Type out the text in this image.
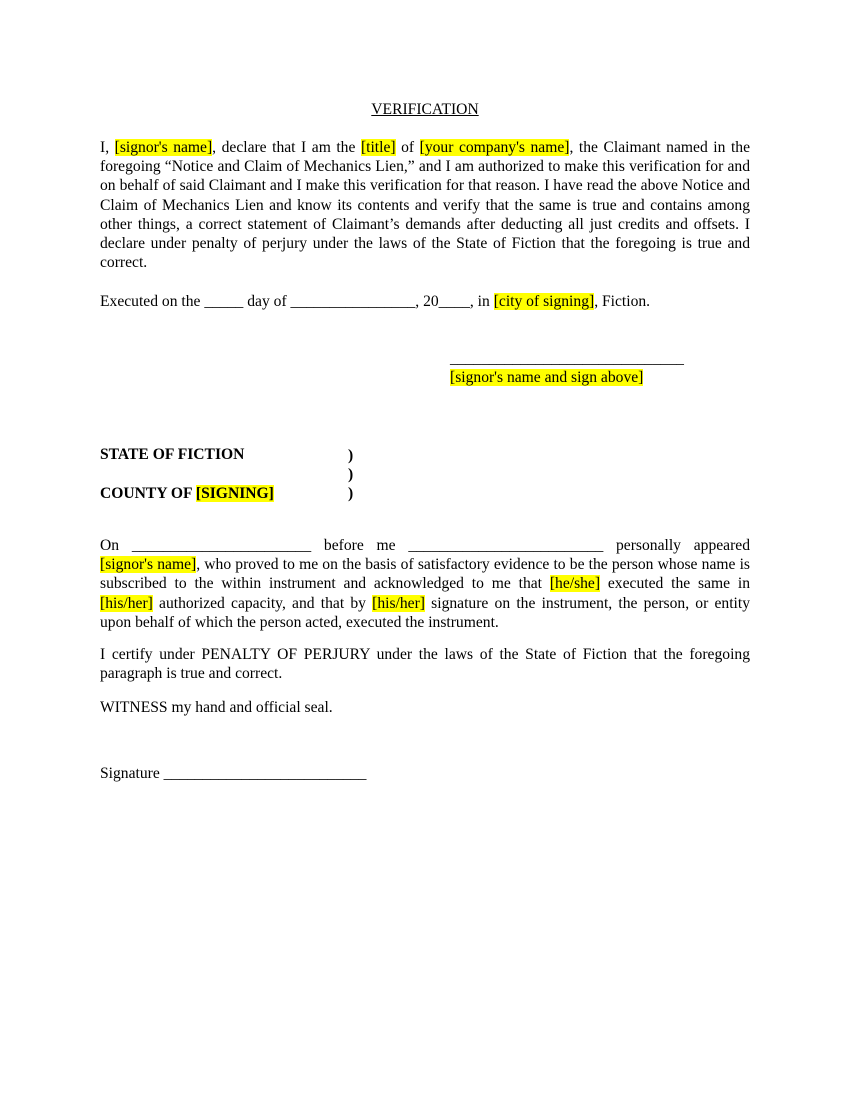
VERIFICATION
I, [signor's name], declare that I am the [title] of [your company's name], the Claimant named in the foregoing “Notice and Claim of Mechanics Lien,” and I am authorized to make this verification for and on behalf of said Claimant and I make this verification for that reason. I have read the above Notice and Claim of Mechanics Lien and know its contents and verify that the same is true and contains among other things, a correct statement of Claimant’s demands after deducting all just credits and offsets. I declare under penalty of perjury under the laws of the State of Fiction that the foregoing is true and correct.
Executed on the _____ day of ________________, 20____, in [city of signing], Fiction.
______________________________
[signor's name and sign above]
STATE OF FICTION	)
)
COUNTY OF [SIGNING]	)
On _______________________ before me _________________________ personally appeared [signor's name], who proved to me on the basis of satisfactory evidence to be the person whose name is subscribed to the within instrument and acknowledged to me that [he/she] executed the same in [his/her] authorized capacity, and that by [his/her] signature on the instrument, the person, or entity upon behalf of which the person acted, executed the instrument.
I certify under PENALTY OF PERJURY under the laws of the State of Fiction that the foregoing paragraph is true and correct.
WITNESS my hand and official seal.
Signature __________________________
